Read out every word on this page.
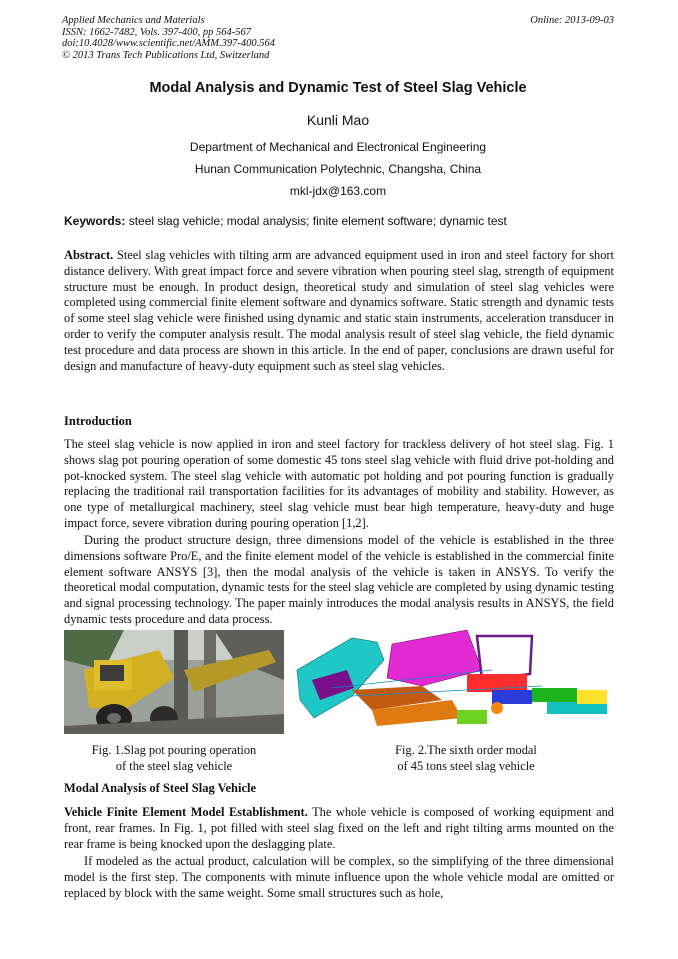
Applied Mechanics and Materials
ISSN: 1662-7482, Vols. 397-400, pp 564-567
doi:10.4028/www.scientific.net/AMM.397-400.564
© 2013 Trans Tech Publications Ltd, Switzerland
Online: 2013-09-03
Modal Analysis and Dynamic Test of Steel Slag Vehicle
Kunli Mao
Department of Mechanical and Electronical Engineering
Hunan Communication Polytechnic, Changsha, China
mkl-jdx@163.com
Keywords: steel slag vehicle; modal analysis; finite element software; dynamic test

Abstract. Steel slag vehicles with tilting arm are advanced equipment used in iron and steel factory for short distance delivery. With great impact force and severe vibration when pouring steel slag, strength of equipment structure must be enough. In product design, theoretical study and simulation of steel slag vehicles were completed using commercial finite element software and dynamics software. Static strength and dynamic tests of some steel slag vehicle were finished using dynamic and static stain instruments, acceleration transducer in order to verify the computer analysis result. The modal analysis result of steel slag vehicle, the field dynamic test procedure and data process are shown in this article. In the end of paper, conclusions are drawn useful for design and manufacture of heavy-duty equipment such as steel slag vehicles.

Introduction

The steel slag vehicle is now applied in iron and steel factory for trackless delivery of hot steel slag. Fig. 1 shows slag pot pouring operation of some domestic 45 tons steel slag vehicle with fluid drive pot-holding and pot-knocked system. The steel slag vehicle with automatic pot holding and pot pouring function is gradually replacing the traditional rail transportation facilities for its advantages of mobility and stability. However, as one type of metallurgical machinery, steel slag vehicle must bear high temperature, heavy-duty and huge impact force, severe vibration during pouring operation [1,2].

During the product structure design, three dimensions model of the vehicle is established in the three dimensions software Pro/E, and the finite element model of the vehicle is established in the commercial finite element software ANSYS [3], then the modal analysis of the vehicle is taken in ANSYS. To verify the theoretical modal computation, dynamic tests for the steel slag vehicle are completed by using dynamic testing and signal processing technology. The paper mainly introduces the modal analysis results in ANSYS, the field dynamic tests procedure and data process.

Fig. 1.Slag pot pouring operation
of the steel slag vehicle
Fig. 2.The sixth order modal
of 45 tons steel slag vehicle
Modal Analysis of Steel Slag Vehicle

Vehicle Finite Element Model Establishment. The whole vehicle is composed of working equipment and front, rear frames. In Fig. 1, pot filled with steel slag fixed on the left and right tilting arms mounted on the rear frame is being knocked upon the deslagging plate.

If modeled as the actual product, calculation will be complex, so the simplifying of the three dimensional model is the first step. The components with minute influence upon the whole vehicle modal are omitted or replaced by block with the same weight. Some small structures such as hole,
